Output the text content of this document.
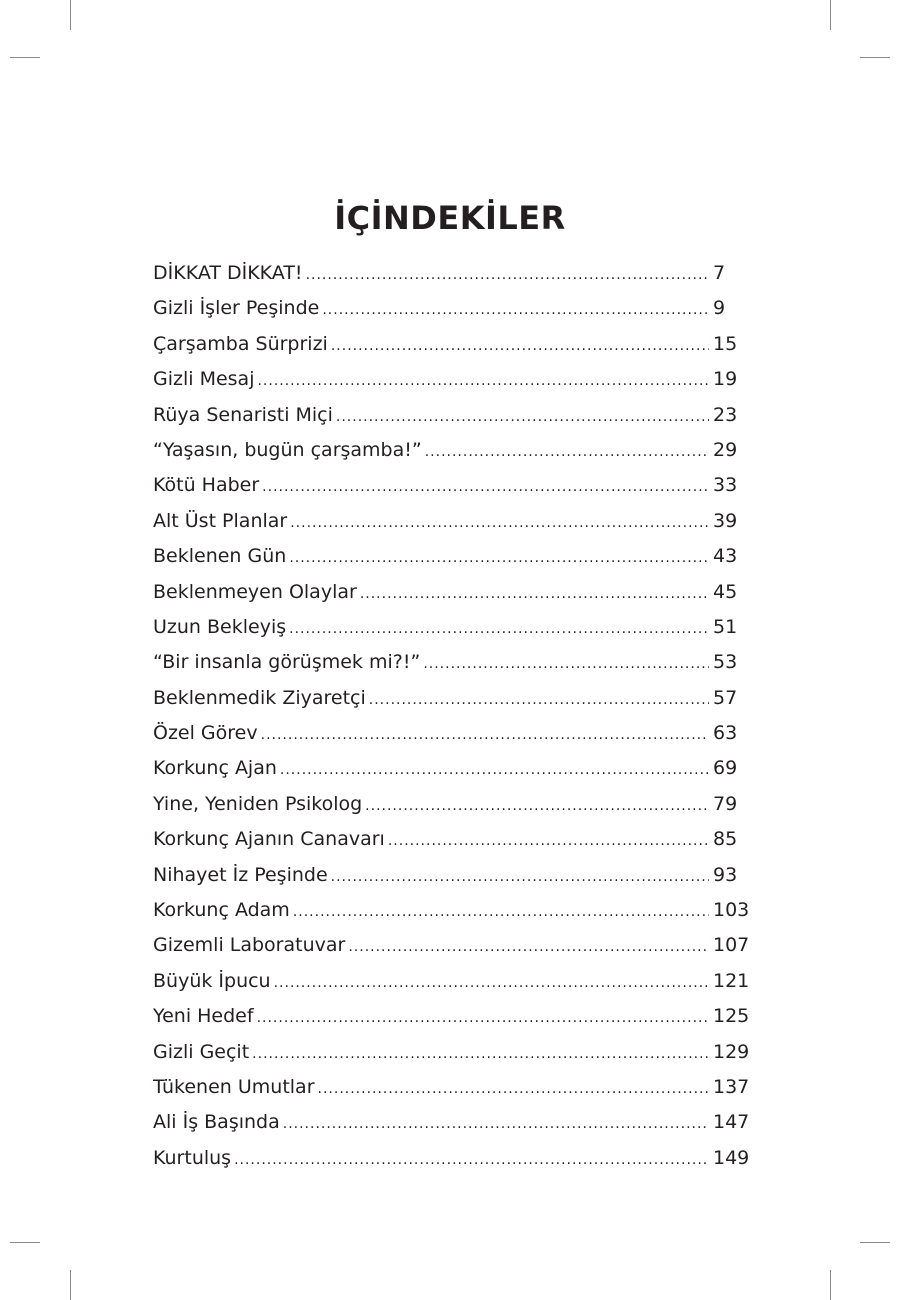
İÇİNDEKİLER
DİKKAT DİKKAT! .....	7
Gizli İşler Peşinde .....	9
Çarşamba Sürprizi .....	15
Gizli Mesaj .....	19
Rüya Senaristi Miçi .....	23
“Yaşasın, bugün çarşamba!” .....	29
Kötü Haber .....	33
Alt Üst Planlar .....	39
Beklenen Gün .....	43
Beklenmeyen Olaylar .....	45
Uzun Bekleyiş .....	51
“Bir insanla görüşmek mi?!” .....	53
Beklenmedik Ziyaretçi .....	57
Özel Görev .....	63
Korkunç Ajan .....	69
Yine, Yeniden Psikolog .....	79
Korkunç Ajanın Canavarı .....	85
Nihayet İz Peşinde .....	93
Korkunç Adam .....	103
Gizemli Laboratuvar .....	107
Büyük İpucu .....	121
Yeni Hedef .....	125
Gizli Geçit .....	129
Tükenen Umutlar .....	137
Ali İş Başında .....	147
Kurtuluş .....	149
